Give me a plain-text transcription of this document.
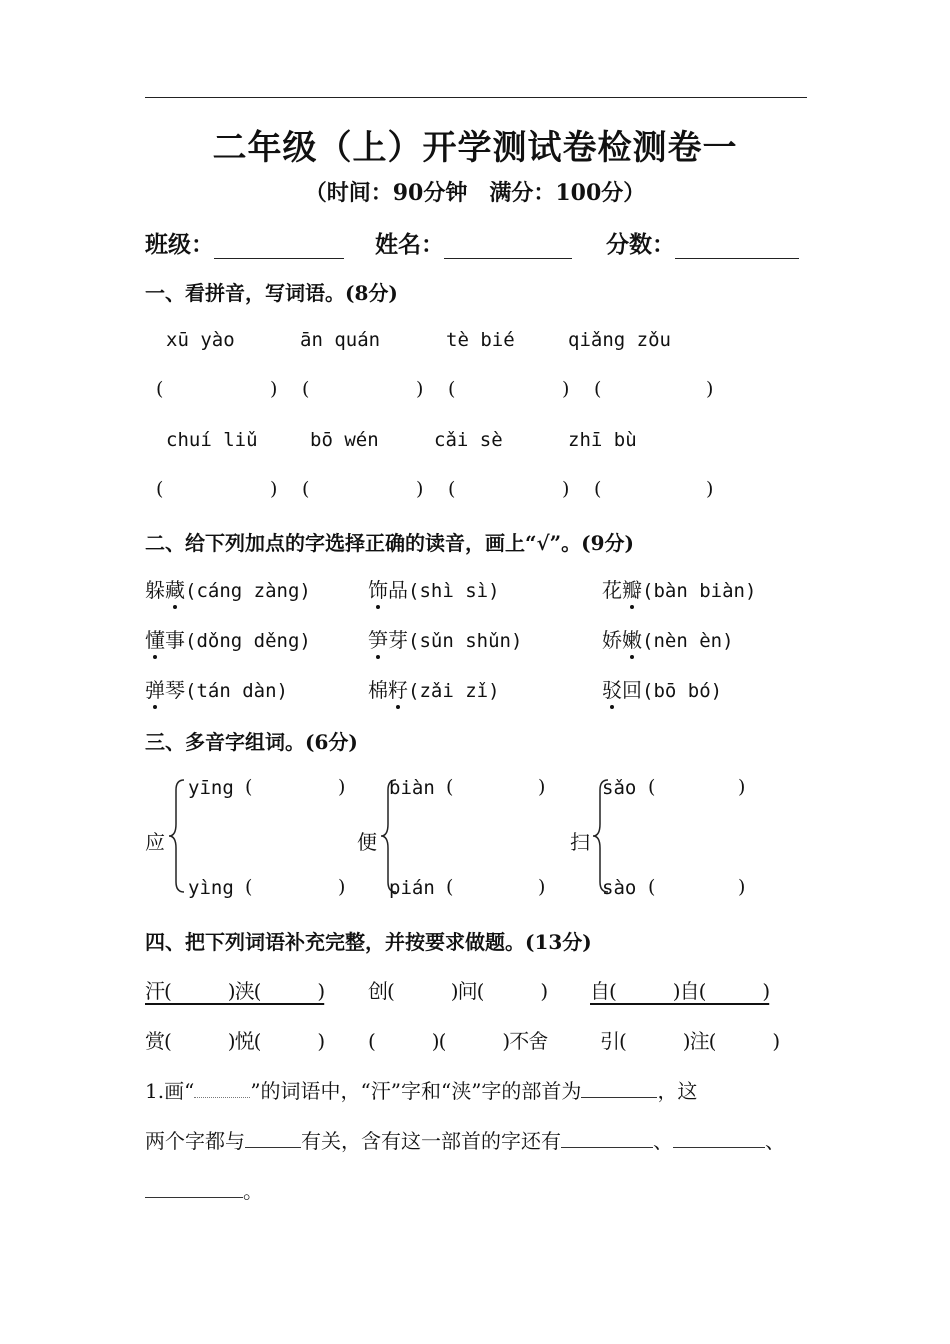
二年级（上）开学测试卷检测卷一
（时间：90分钟　满分：100分）
班级：	姓名：	分数：
一、看拼音，写词语。(8分)
xū yào	ān quán	tè bié	qiǎng zǒu
(	) (	) (	) (	)
chuí liǔ	bō wén	cǎi sè	zhī bù
(	) (	) (	) (	)
二、给下列加点的字选择正确的读音，画上“√”。(9分)
躲藏(cáng zàng)	饰品(shì sì)	花瓣(bàn biàn)
懂事(dǒng děng)	笋芽(sǔn shǔn)	娇嫩(nèn èn)
弹琴(tán dàn)	棉籽(zǎi zǐ)	驳回(bō bó)
三、多音字组词。(6分)
应
yīng (	)
yìng (	)
便
biàn (	)
pián (	)
扫
sǎo (	)
sào (	)
四、把下列词语补充完整，并按要求做题。(13分)
汗(　　　)浃(　　　) 创(　　　)问(　　　) 自(　　　)自(　　　)
赏(　　　)悦(　　　) (　　　)(　　　)不舍	引(　　　)注(　　　)
1.画“	”的词语中，“汗”字和“浃”字的部首为	，这
两个字都与	有关，含有这一部首的字还有	、	、
。
